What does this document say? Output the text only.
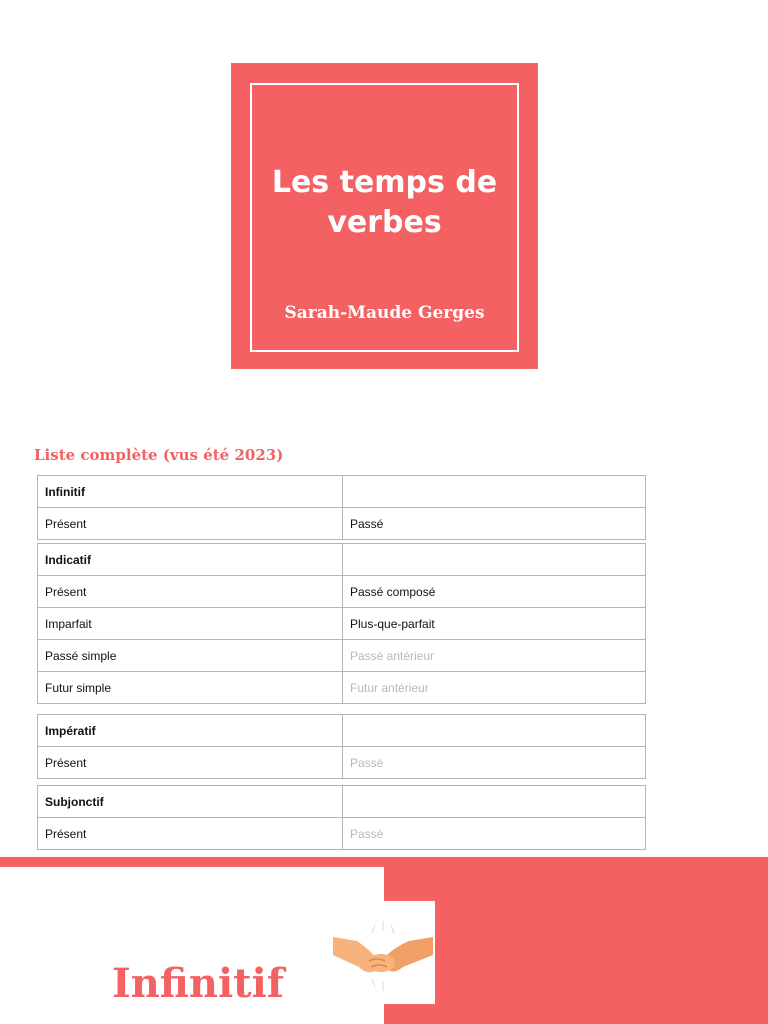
Les temps de verbes
Sarah-Maude Gerges
Liste complète (vus été 2023)
Infinitif	
Présent	Passé
Indicatif	
Présent	Passé composé
Imparfait	Plus-que-parfait
Passé simple	Passé antérieur
Futur simple	Futur antérieur
Impératif	
Présent	Passé
Subjonctif	
Présent	Passé
Infinitif
